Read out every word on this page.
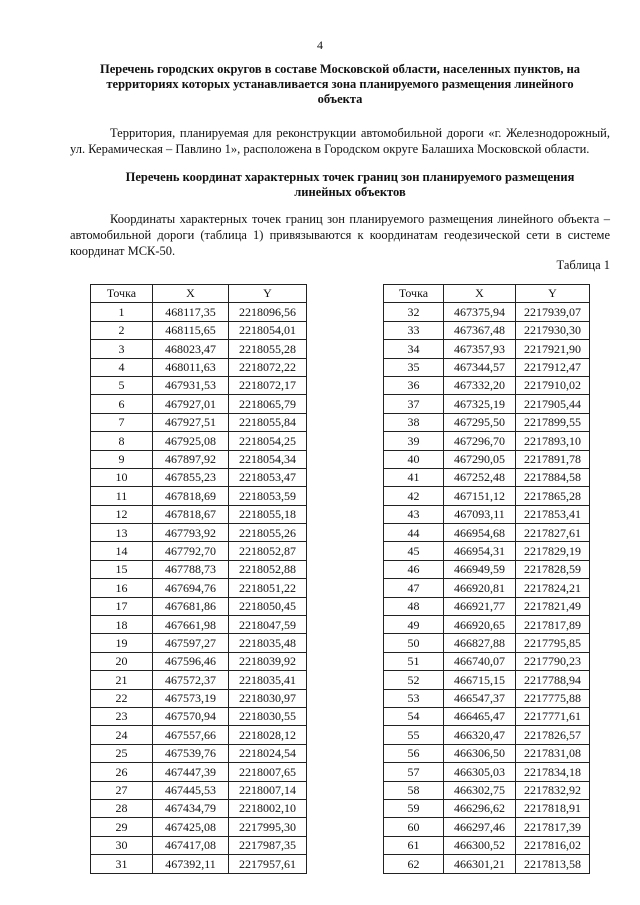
4
Перечень городских округов в составе Московской области, населенных пунктов, на территориях которых устанавливается зона планируемого размещения линейного объекта
Территория, планируемая для реконструкции автомобильной дороги «г. Железнодорожный, ул. Керамическая – Павлино 1», расположена в Городском округе Балашиха Московской области.
Перечень координат характерных точек границ зон планируемого размещения линейных объектов
Координаты характерных точек границ зон планируемого размещения линейного объекта – автомобильной дороги (таблица 1) привязываются к координатам геодезической сети в системе координат МСК-50.
Таблица 1
Точка	X	Y
1	468117,35	2218096,56
2	468115,65	2218054,01
3	468023,47	2218055,28
4	468011,63	2218072,22
5	467931,53	2218072,17
6	467927,01	2218065,79
7	467927,51	2218055,84
8	467925,08	2218054,25
9	467897,92	2218054,34
10	467855,23	2218053,47
11	467818,69	2218053,59
12	467818,67	2218055,18
13	467793,92	2218055,26
14	467792,70	2218052,87
15	467788,73	2218052,88
16	467694,76	2218051,22
17	467681,86	2218050,45
18	467661,98	2218047,59
19	467597,27	2218035,48
20	467596,46	2218039,92
21	467572,37	2218035,41
22	467573,19	2218030,97
23	467570,94	2218030,55
24	467557,66	2218028,12
25	467539,76	2218024,54
26	467447,39	2218007,65
27	467445,53	2218007,14
28	467434,79	2218002,10
29	467425,08	2217995,30
30	467417,08	2217987,35
31	467392,11	2217957,61
Точка	X	Y
32	467375,94	2217939,07
33	467367,48	2217930,30
34	467357,93	2217921,90
35	467344,57	2217912,47
36	467332,20	2217910,02
37	467325,19	2217905,44
38	467295,50	2217899,55
39	467296,70	2217893,10
40	467290,05	2217891,78
41	467252,48	2217884,58
42	467151,12	2217865,28
43	467093,11	2217853,41
44	466954,68	2217827,61
45	466954,31	2217829,19
46	466949,59	2217828,59
47	466920,81	2217824,21
48	466921,77	2217821,49
49	466920,65	2217817,89
50	466827,88	2217795,85
51	466740,07	2217790,23
52	466715,15	2217788,94
53	466547,37	2217775,88
54	466465,47	2217771,61
55	466320,47	2217826,57
56	466306,50	2217831,08
57	466305,03	2217834,18
58	466302,75	2217832,92
59	466296,62	2217818,91
60	466297,46	2217817,39
61	466300,52	2217816,02
62	466301,21	2217813,58
